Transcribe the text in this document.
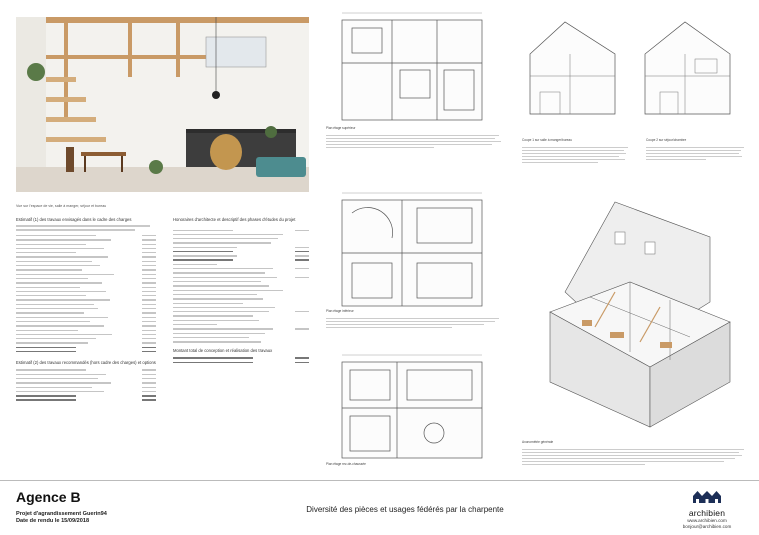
Vue sur l'espace de vie, salle à manger, séjour et bureau
Estimatif (1) des travaux envisagés dans le cadre des charges
Estimatif (2) des travaux recommandés (hors cadre des charges) et options
Honoraires d'architecte et descriptif des phases d'études du projet
Montant total de conception et réalisation des travaux
Plan étage supérieur
Plan étage inférieur
Plan étage rez-de-chaussée
Coupe 1 sur salle à manger/bureau	Coupe 2 sur séjour/chambre
Axonométrie générale
Agence B
Projet d'agrandissement Guerin94
Date de rendu le 15/09/2018
Diversité des pièces et usages fédérés par la charpente	archibien
www.archibien.com
bonjour@archibien.com
